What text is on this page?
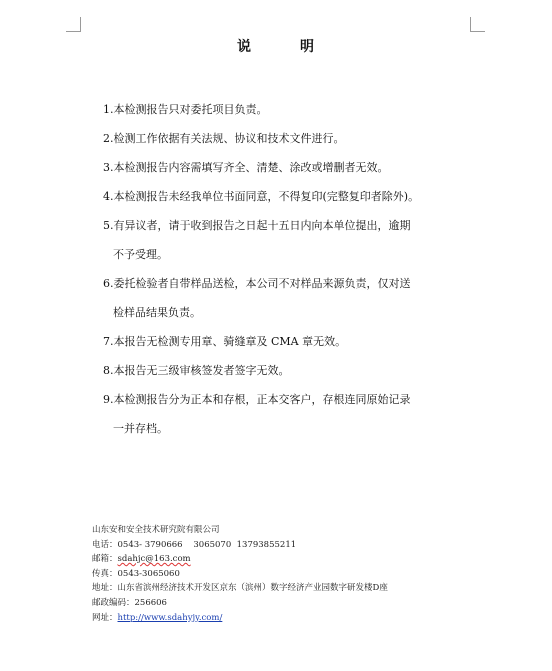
说	明
1.本检测报告只对委托项目负责。
2.检测工作依据有关法规、协议和技术文件进行。
3.本检测报告内容需填写齐全、清楚、涂改或增删者无效。
4.本检测报告未经我单位书面同意，不得复印(完整复印者除外)。
5.有异议者，请于收到报告之日起十五日内向本单位提出，逾期
不予受理。
6.委托检验者自带样品送检，本公司不对样品来源负责，仅对送
检样品结果负责。
7.本报告无检测专用章、骑缝章及 CMA 章无效。
8.本报告无三级审核签发者签字无效。
9.本检测报告分为正本和存根，正本交客户，存根连同原始记录
一并存档。
山东安和安全技术研究院有限公司
电话：0543- 3790666    3065070  13793855211
邮箱：sdahjc@163.com
传真：0543-3065060
地址：山东省滨州经济技术开发区京东（滨州）数字经济产业园数字研发楼D座
邮政编码：256606
网址：http://www.sdahyjy.com/
